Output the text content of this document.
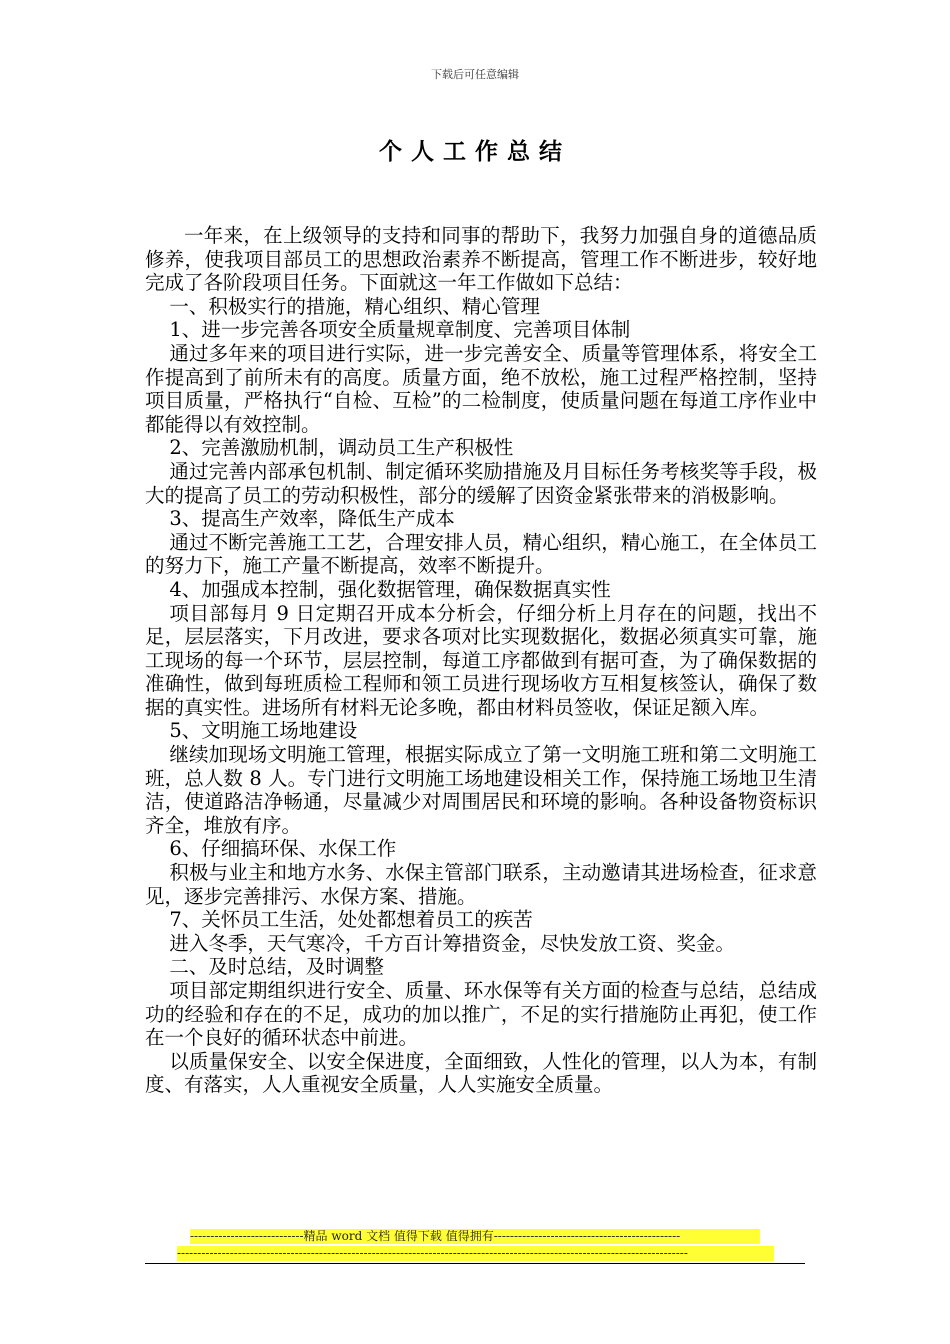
下载后可任意编辑
个人工作总结

一年来，在上级领导的支持和同事的帮助下，我努力加强自身的道德品质修养，使我项目部员工的思想政治素养不断提高，管理工作不断进步，较好地完成了各阶段项目任务。下面就这一年工作做如下总结：

一、积极实行的措施，精心组织、精心管理

1、进一步完善各项安全质量规章制度、完善项目体制

通过多年来的项目进行实际，进一步完善安全、质量等管理体系，将安全工作提高到了前所未有的高度。质量方面，绝不放松，施工过程严格控制，坚持项目质量，严格执行“自检、互检”的二检制度，使质量问题在每道工序作业中都能得以有效控制。

2、完善激励机制，调动员工生产积极性

通过完善内部承包机制、制定循环奖励措施及月目标任务考核奖等手段，极大的提高了员工的劳动积极性，部分的缓解了因资金紧张带来的消极影响。

3、提高生产效率，降低生产成本

通过不断完善施工工艺，合理安排人员，精心组织，精心施工，在全体员工的努力下，施工产量不断提高，效率不断提升。

4、加强成本控制，强化数据管理，确保数据真实性

项目部每月 9 日定期召开成本分析会，仔细分析上月存在的问题，找出不足，层层落实，下月改进，要求各项对比实现数据化，数据必须真实可靠，施工现场的每一个环节，层层控制，每道工序都做到有据可查，为了确保数据的准确性，做到每班质检工程师和领工员进行现场收方互相复核签认，确保了数据的真实性。进场所有材料无论多晚，都由材料员签收，保证足额入库。

5、文明施工场地建设

继续加现场文明施工管理，根据实际成立了第一文明施工班和第二文明施工班，总人数 8 人。专门进行文明施工场地建设相关工作，保持施工场地卫生清洁，使道路洁净畅通，尽量减少对周围居民和环境的影响。各种设备物资标识齐全，堆放有序。

6、仔细搞环保、水保工作

积极与业主和地方水务、水保主管部门联系，主动邀请其进场检查，征求意见，逐步完善排污、水保方案、措施。

7、关怀员工生活，处处都想着员工的疾苦

进入冬季，天气寒冷，千方百计筹措资金，尽快发放工资、奖金。

二、及时总结，及时调整

项目部定期组织进行安全、质量、环水保等有关方面的检查与总结，总结成功的经验和存在的不足，成功的加以推广，不足的实行措施防止再犯，使工作在一个良好的循环状态中前进。

以质量保安全、以安全保进度，全面细致，人性化的管理，以人为本，有制度、有落实，人人重视安全质量，人人实施安全质量。

----------------------------精品 word 文档 值得下载 值得拥有----------------------------------------------
------------------------------------------------------------------------------------------------------------------------------
